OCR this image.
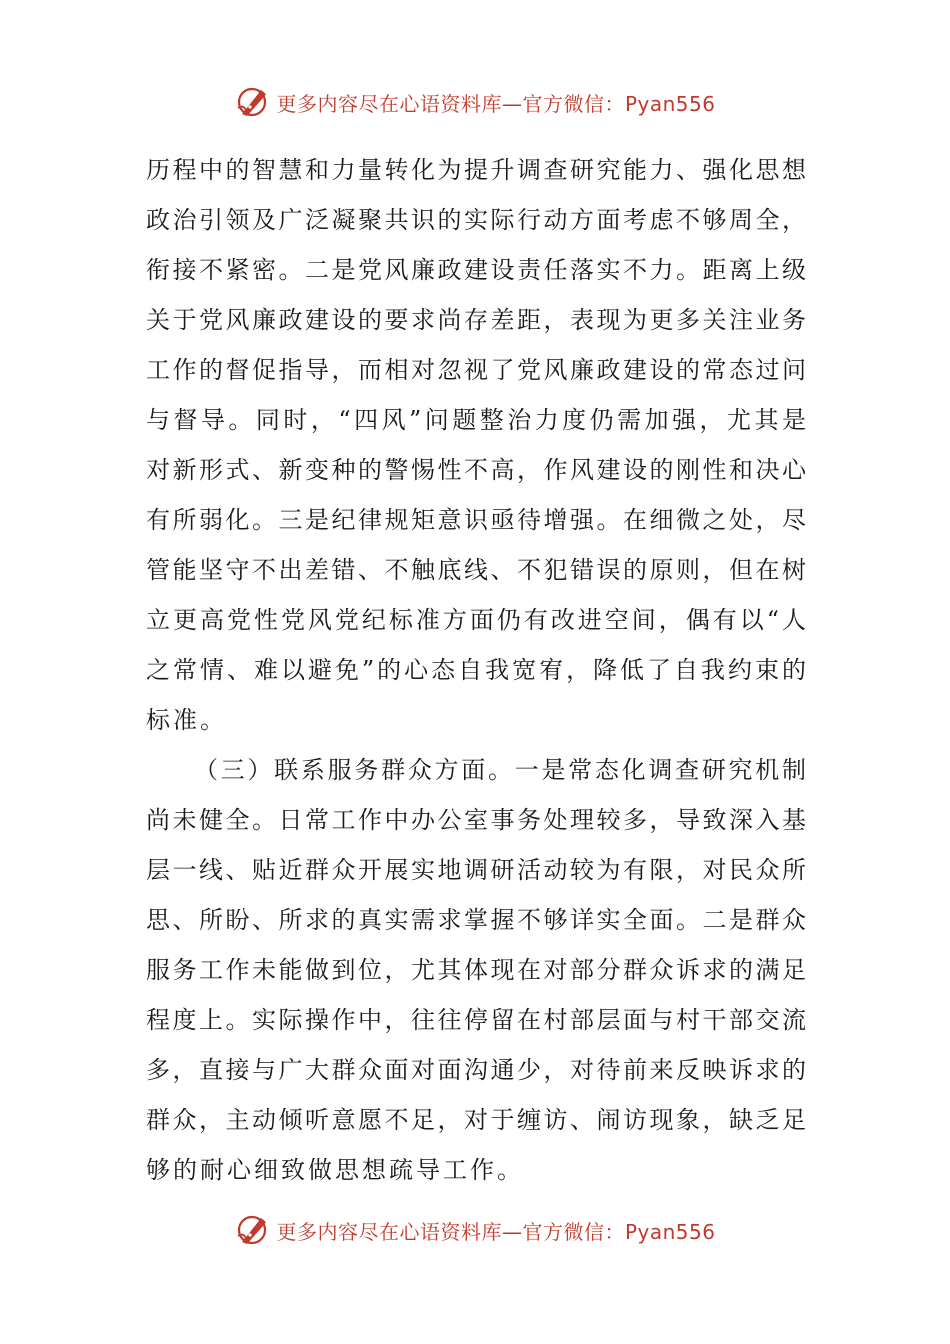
更多内容尽在心语资料库—官方微信：Pyan556
历程中的智慧和力量转化为提升调查研究能力、强化思想
政治引领及广泛凝聚共识的实际行动方面考虑不够周全，
衔接不紧密。二是党风廉政建设责任落实不力。距离上级
关于党风廉政建设的要求尚存差距，表现为更多关注业务
工作的督促指导，而相对忽视了党风廉政建设的常态过问
与督导。同时，“四风”问题整治力度仍需加强，尤其是
对新形式、新变种的警惕性不高，作风建设的刚性和决心
有所弱化。三是纪律规矩意识亟待增强。在细微之处，尽
管能坚守不出差错、不触底线、不犯错误的原则，但在树
立更高党性党风党纪标准方面仍有改进空间，偶有以“人
之常情、难以避免”的心态自我宽宥，降低了自我约束的
标准。
（三）联系服务群众方面。一是常态化调查研究机制
尚未健全。日常工作中办公室事务处理较多，导致深入基
层一线、贴近群众开展实地调研活动较为有限，对民众所
思、所盼、所求的真实需求掌握不够详实全面。二是群众
服务工作未能做到位，尤其体现在对部分群众诉求的满足
程度上。实际操作中，往往停留在村部层面与村干部交流
多，直接与广大群众面对面沟通少，对待前来反映诉求的
群众，主动倾听意愿不足，对于缠访、闹访现象，缺乏足
够的耐心细致做思想疏导工作。
更多内容尽在心语资料库—官方微信：Pyan556
